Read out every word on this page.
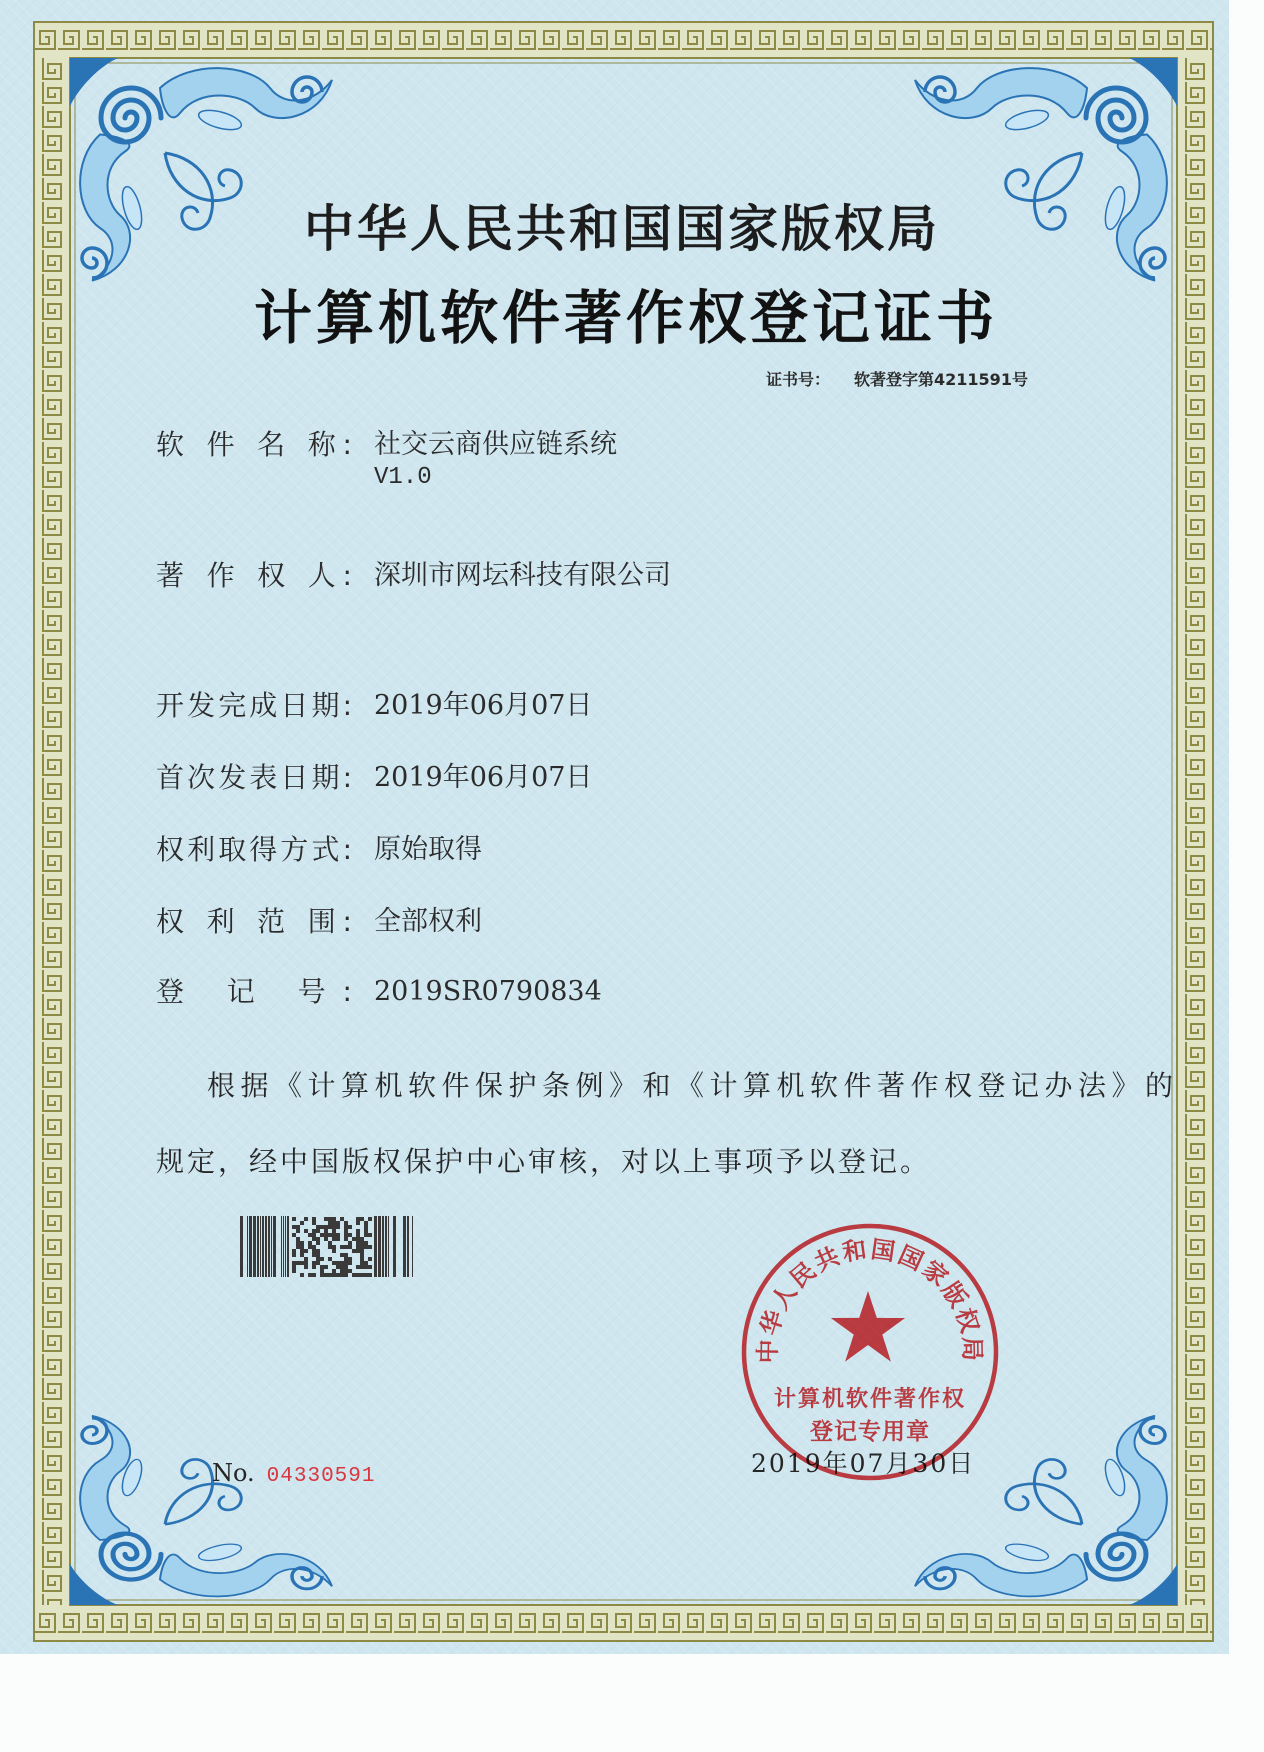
中华人民共和国国家版权局
计算机软件著作权登记证书
证书号： 软著登字第4211591号
软 件 名 称: 社交云商供应链系统
V1.0
著 作 权 人: 深圳市网坛科技有限公司
开发完成日期: 2019年06月07日
首次发表日期: 2019年06月07日
权利取得方式: 原始取得
权 利 范 围: 全部权利
登 记 号: 2019SR0790834
根据《计算机软件保护条例》和《计算机软件著作权登记办法》的
规定，经中国版权保护中心审核，对以上事项予以登记。
No. 04330591	2019年07月30日
中华人民共和国国家版权局
计算机软件著作权
登记专用章
